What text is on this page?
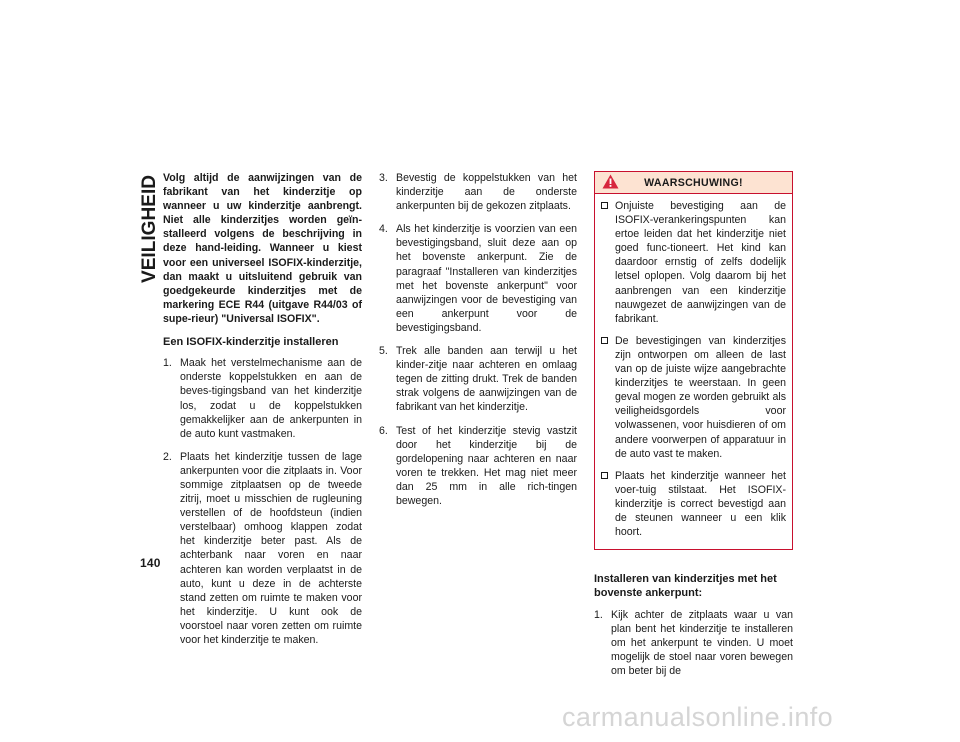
VEILIGHEID
140

Volg altijd de aanwijzingen van de fabrikant van het kinderzitje op wanneer u uw kinderzitje aanbrengt. Niet alle kinderzitjes worden geïn-stalleerd volgens de beschrijving in deze hand-leiding. Wanneer u kiest voor een universeel ISOFIX-kinderzitje, dan maakt u uitsluitend gebruik van goedgekeurde kinderzitjes met de markering ECE R44 (uitgave R44/03 of supe-rieur) "Universal ISOFIX".

Een ISOFIX-kinderzitje installeren
1. Maak het verstelmechanisme aan de onderste koppelstukken en aan de beves-tigingsband van het kinderzitje los, zodat u de koppelstukken gemakkelijker aan de ankerpunten in de auto kunt vastmaken.
2. Plaats het kinderzitje tussen de lage ankerpunten voor die zitplaats in. Voor sommige zitplaatsen op de tweede zitrij, moet u misschien de rugleuning verstellen of de hoofdsteun (indien verstelbaar) omhoog klappen zodat het kinderzitje beter past. Als de achterbank naar voren en naar achteren kan worden verplaatst in de auto, kunt u deze in de achterste stand zetten om ruimte te maken voor het kinderzitje. U kunt ook de voorstoel naar voren zetten om ruimte voor het kinderzitje te maken.
3. Bevestig de koppelstukken van het kinderzitje aan de onderste ankerpunten bij de gekozen zitplaats.
4. Als het kinderzitje is voorzien van een bevestigingsband, sluit deze aan op het bovenste ankerpunt. Zie de paragraaf "Installeren van kinderzitjes met het bovenste ankerpunt" voor aanwijzingen voor de bevestiging van een ankerpunt voor de bevestigingsband.
5. Trek alle banden aan terwijl u het kinder-zitje naar achteren en omlaag tegen de zitting drukt. Trek de banden strak volgens de aanwijzingen van de fabrikant van het kinderzitje.
6. Test of het kinderzitje stevig vastzit door het kinderzitje bij de gordelopening naar achteren en naar voren te trekken. Het mag niet meer dan 25 mm in alle rich-tingen bewegen.
WAARSCHUWING!
Onjuiste bevestiging aan de ISOFIX-verankeringspunten kan ertoe leiden dat het kinderzitje niet goed func-tioneert. Het kind kan daardoor ernstig of zelfs dodelijk letsel oplopen. Volg daarom bij het aanbrengen van een kinderzitje nauwgezet de aanwijzingen van de fabrikant.
De bevestigingen van kinderzitjes zijn ontworpen om alleen de last van op de juiste wijze aangebrachte kinderzitjes te weerstaan. In geen geval mogen ze worden gebruikt als veiligheidsgordels voor volwassenen, voor huisdieren of om andere voorwerpen of apparatuur in de auto vast te maken.
Plaats het kinderzitje wanneer het voer-tuig stilstaat. Het ISOFIX-kinderzitje is correct bevestigd aan de steunen wanneer u een klik hoort.
Installeren van kinderzitjes met het bovenste ankerpunt:
1. Kijk achter de zitplaats waar u van plan bent het kinderzitje te installeren om het ankerpunt te vinden. U moet mogelijk de stoel naar voren bewegen om beter bij de
carmanualsonline.info
